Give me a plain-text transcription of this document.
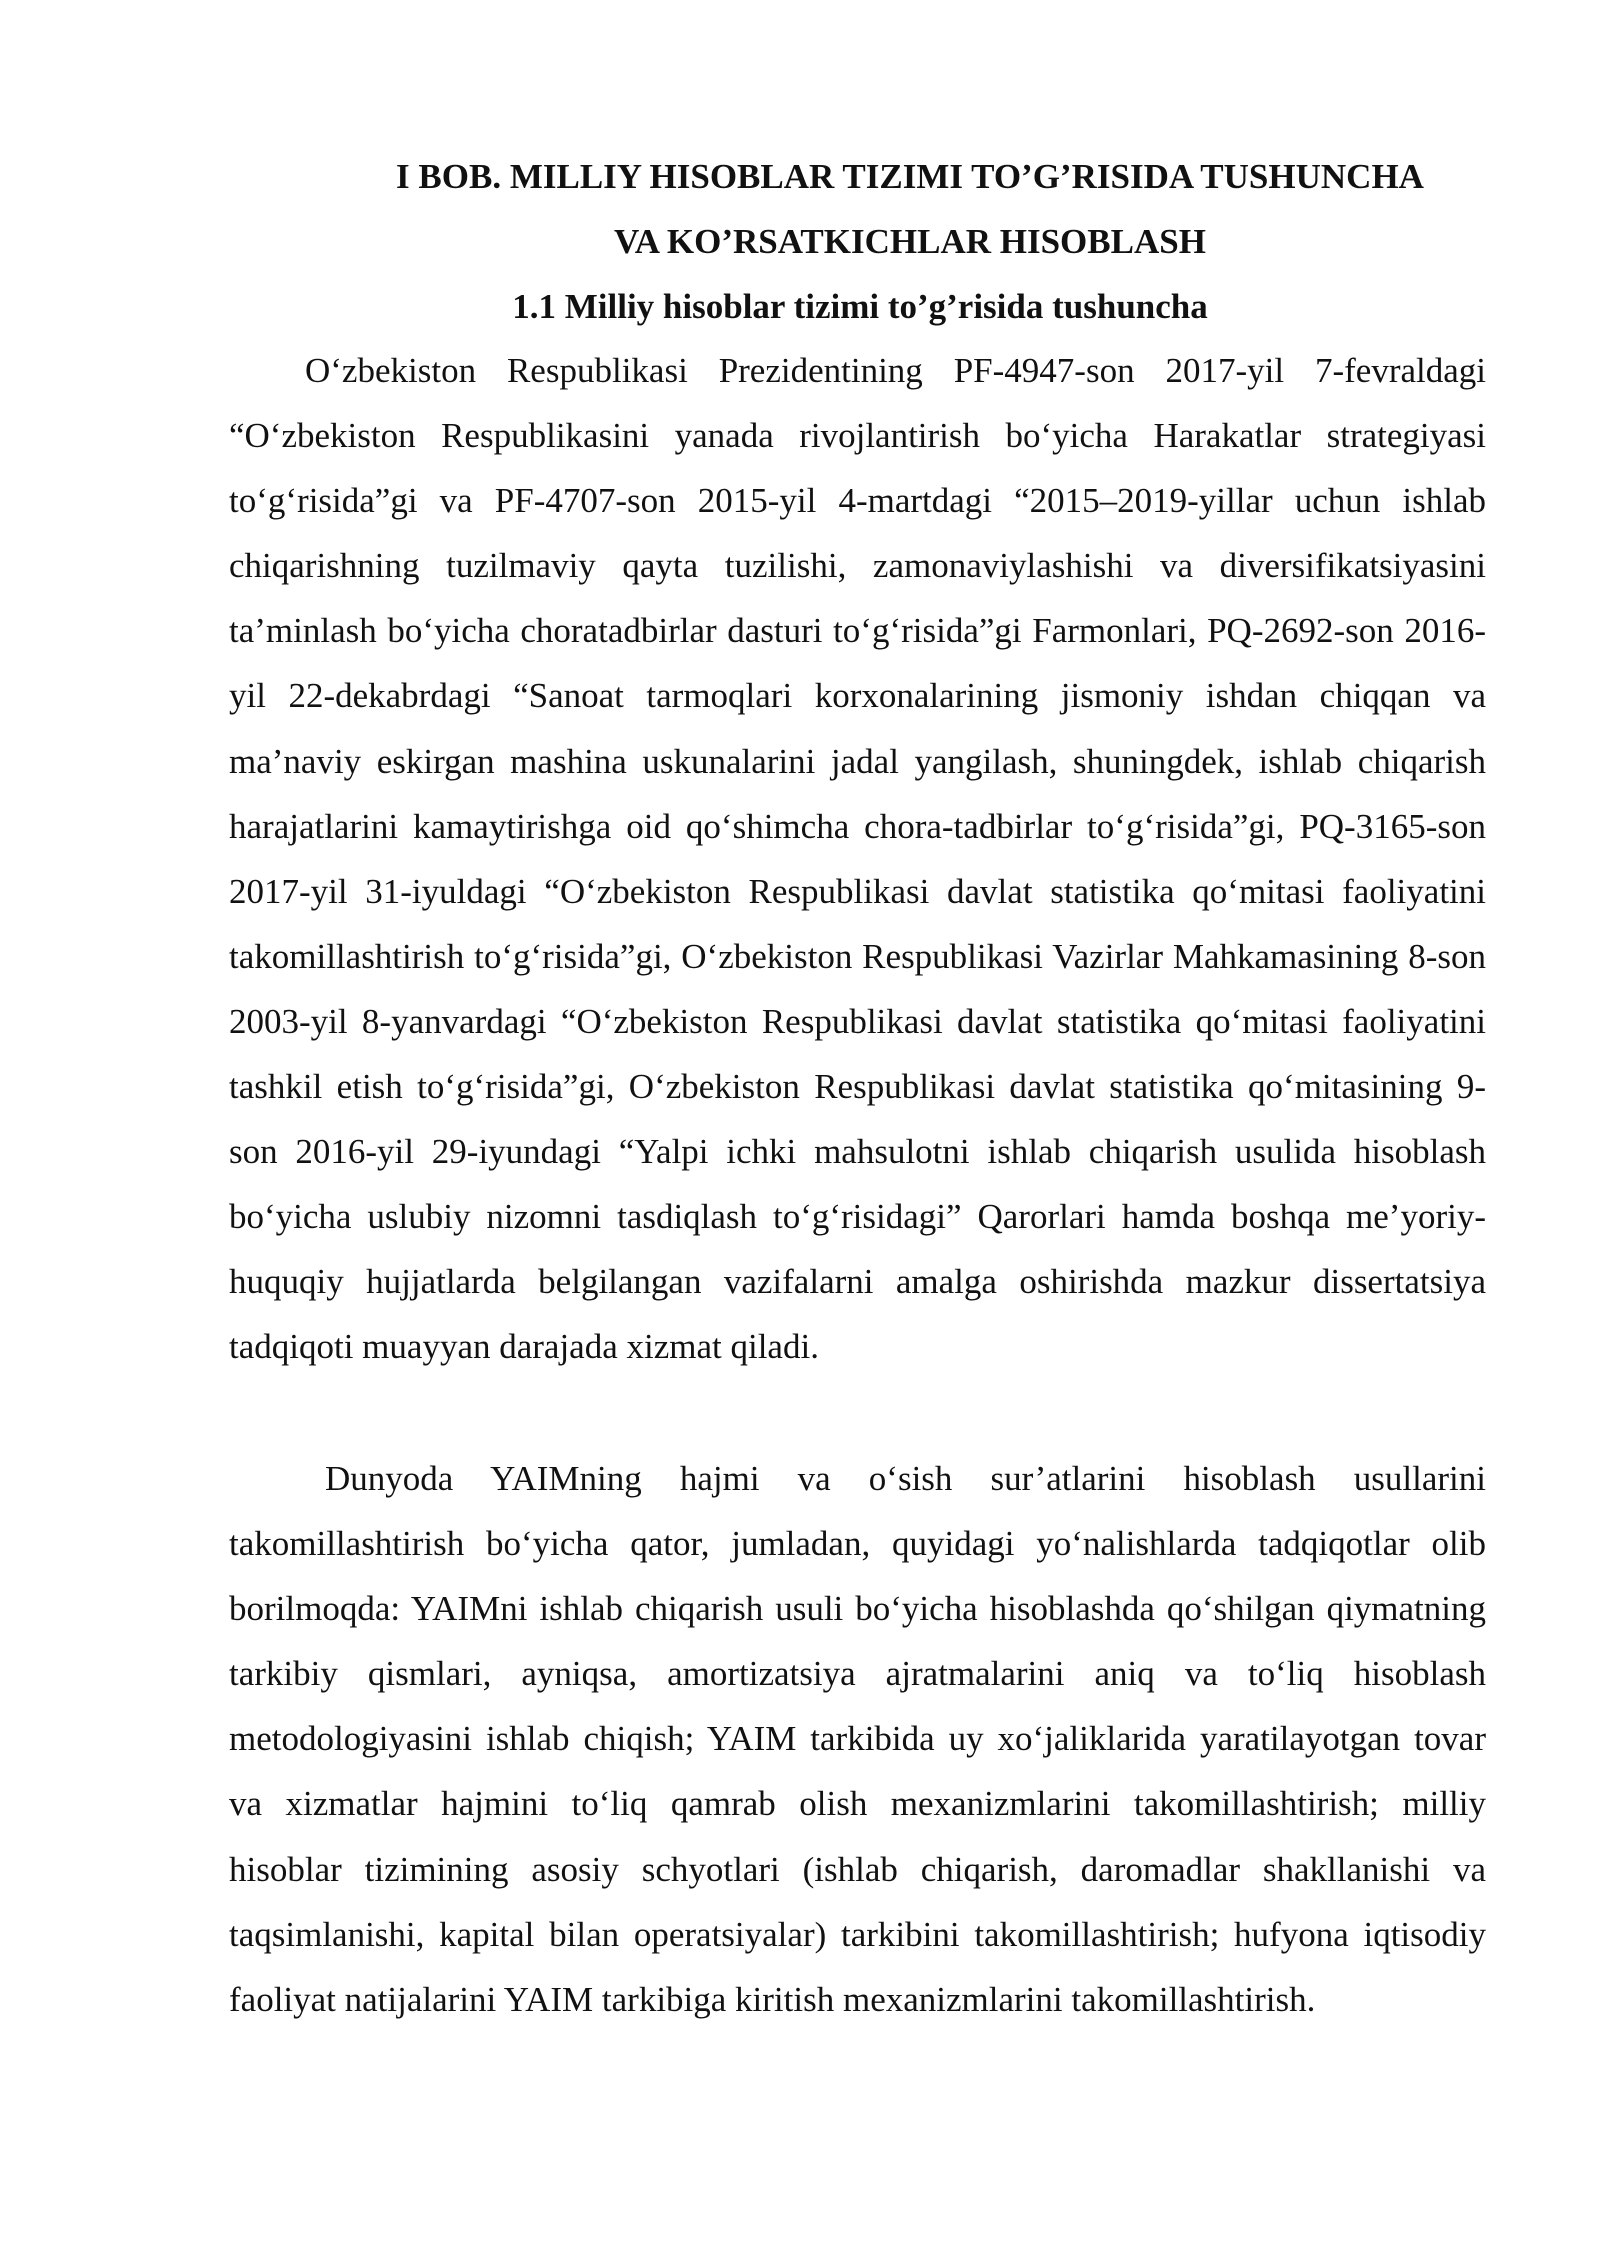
I BOB. MILLIY HISOBLAR TIZIMI TO’G’RISIDA TUSHUNCHA
VA KO’RSATKICHLAR HISOBLASH
1.1 Milliy hisoblar tizimi to’g’risida tushuncha

O‘zbekiston Respublikasi Prezidentining PF-4947-son 2017-yil 7-fevraldagi “O‘zbekiston Respublikasini yanada rivojlantirish bo‘yicha Harakatlar strategiyasi to‘g‘risida”gi va PF-4707-son 2015-yil 4-martdagi “2015–2019-yillar uchun ishlab chiqarishning tuzilmaviy qayta tuzilishi, zamonaviylashishi va diversifikatsiyasini ta’minlash bo‘yicha choratadbirlar dasturi to‘g‘risida”gi Farmonlari, PQ-2692-son 2016-yil 22-dekabrdagi “Sanoat tarmoqlari korxonalarining jismoniy ishdan chiqqan va ma’naviy eskirgan mashina uskunalarini jadal yangilash, shuningdek, ishlab chiqarish harajatlarini kamaytirishga oid qo‘shimcha chora-tadbirlar to‘g‘risida”gi, PQ-3165-son 2017-yil 31-iyuldagi “O‘zbekiston Respublikasi davlat statistika qo‘mitasi faoliyatini takomillashtirish to‘g‘risida”gi, O‘zbekiston Respublikasi Vazirlar Mahkamasining 8-son 2003-yil 8-yanvardagi “O‘zbekiston Respublikasi davlat statistika qo‘mitasi faoliyatini tashkil etish to‘g‘risida”gi, O‘zbekiston Respublikasi davlat statistika qo‘mitasining 9-son 2016-yil 29-iyundagi “Yalpi ichki mahsulotni ishlab chiqarish usulida hisoblash bo‘yicha uslubiy nizomni tasdiqlash to‘g‘risidagi” Qarorlari hamda boshqa me’yoriy-huquqiy hujjatlarda belgilangan vazifalarni amalga oshirishda mazkur dissertatsiya tadqiqoti muayyan darajada xizmat qiladi.

Dunyoda YAIMning hajmi va o‘sish sur’atlarini hisoblash usullarini takomillashtirish bo‘yicha qator, jumladan, quyidagi yo‘nalishlarda tadqiqotlar olib borilmoqda: YAIMni ishlab chiqarish usuli bo‘yicha hisoblashda qo‘shilgan qiymatning tarkibiy qismlari, ayniqsa, amortizatsiya ajratmalarini aniq va to‘liq hisoblash metodologiyasini ishlab chiqish; YAIM tarkibida uy xo‘jaliklarida yaratilayotgan tovar va xizmatlar hajmini to‘liq qamrab olish mexanizmlarini takomillashtirish; milliy hisoblar tizimining asosiy schyotlari (ishlab chiqarish, daromadlar shakllanishi va taqsimlanishi, kapital bilan operatsiyalar) tarkibini takomillashtirish; hufyona iqtisodiy faoliyat natijalarini YAIM tarkibiga kiritish mexanizmlarini takomillashtirish.
